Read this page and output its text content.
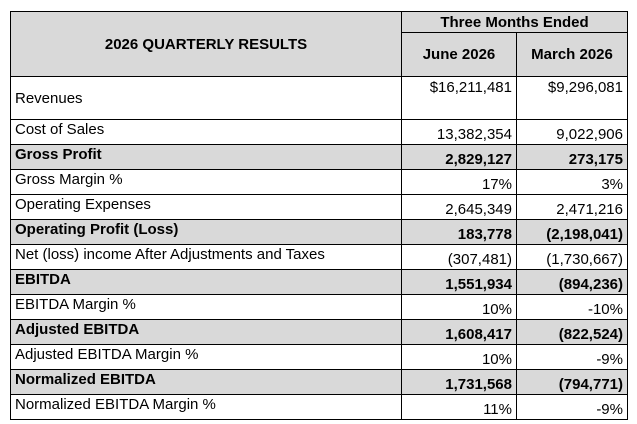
2026 QUARTERLY RESULTS	Three Months Ended	
	June 2026	March 2026
Revenues	$16,211,481	$9,296,081
Cost of Sales	13,382,354	9,022,906
Gross Profit	2,829,127	273,175
Gross Margin %	17%	3%
Operating Expenses	2,645,349	2,471,216
Operating Profit (Loss)	183,778	(2,198,041)
Net (loss) income After Adjustments and Taxes	(307,481)	(1,730,667)
EBITDA	1,551,934	(894,236)
EBITDA Margin %	10%	-10%
Adjusted EBITDA	1,608,417	(822,524)
Adjusted EBITDA Margin %	10%	-9%
Normalized EBITDA	1,731,568	(794,771)
Normalized EBITDA Margin %	11%	-9%
